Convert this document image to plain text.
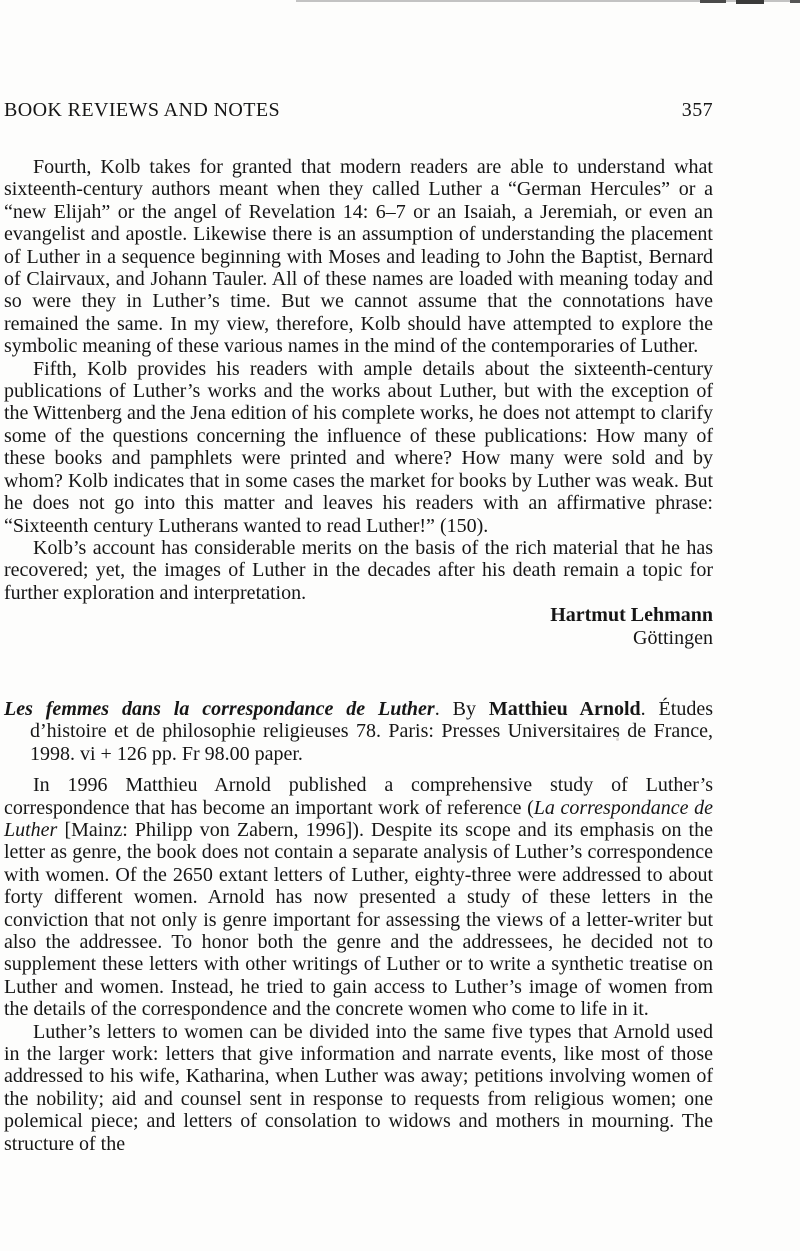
BOOK REVIEWS AND NOTES	357

Fourth, Kolb takes for granted that modern readers are able to understand what sixteenth-century authors meant when they called Luther a “German Hercules” or a “new Elijah” or the angel of Revelation 14: 6–7 or an Isaiah, a Jeremiah, or even an evangelist and apostle. Likewise there is an assumption of understanding the placement of Luther in a sequence beginning with Moses and leading to John the Baptist, Bernard of Clairvaux, and Johann Tauler. All of these names are loaded with meaning today and so were they in Luther’s time. But we cannot assume that the connotations have remained the same. In my view, therefore, Kolb should have attempted to explore the symbolic meaning of these various names in the mind of the contemporaries of Luther.

Fifth, Kolb provides his readers with ample details about the sixteenth-century publications of Luther’s works and the works about Luther, but with the exception of the Wittenberg and the Jena edition of his complete works, he does not attempt to clarify some of the questions concerning the influence of these publications: How many of these books and pamphlets were printed and where? How many were sold and by whom? Kolb indicates that in some cases the market for books by Luther was weak. But he does not go into this matter and leaves his readers with an affirmative phrase: “Sixteenth century Lutherans wanted to read Luther!” (150).

Kolb’s account has considerable merits on the basis of the rich material that he has recovered; yet, the images of Luther in the decades after his death remain a topic for further exploration and interpretation.

Hartmut Lehmann

Göttingen

Les femmes dans la correspondance de Luther. By Matthieu Arnold. Études d’histoire et de philosophie religieuses 78. Paris: Presses Universitaires de France, 1998. vi + 126 pp. Fr 98.00 paper.

In 1996 Matthieu Arnold published a comprehensive study of Luther’s correspondence that has become an important work of reference (La correspondance de Luther [Mainz: Philipp von Zabern, 1996]). Despite its scope and its emphasis on the letter as genre, the book does not contain a separate analysis of Luther’s correspondence with women. Of the 2650 extant letters of Luther, eighty-three were addressed to about forty different women. Arnold has now presented a study of these letters in the conviction that not only is genre important for assessing the views of a letter-writer but also the addressee. To honor both the genre and the addressees, he decided not to supplement these letters with other writings of Luther or to write a synthetic treatise on Luther and women. Instead, he tried to gain access to Luther’s image of women from the details of the correspondence and the concrete women who come to life in it.

Luther’s letters to women can be divided into the same five types that Arnold used in the larger work: letters that give information and narrate events, like most of those addressed to his wife, Katharina, when Luther was away; petitions involving women of the nobility; aid and counsel sent in response to requests from religious women; one polemical piece; and letters of consolation to widows and mothers in mourning. The structure of the
